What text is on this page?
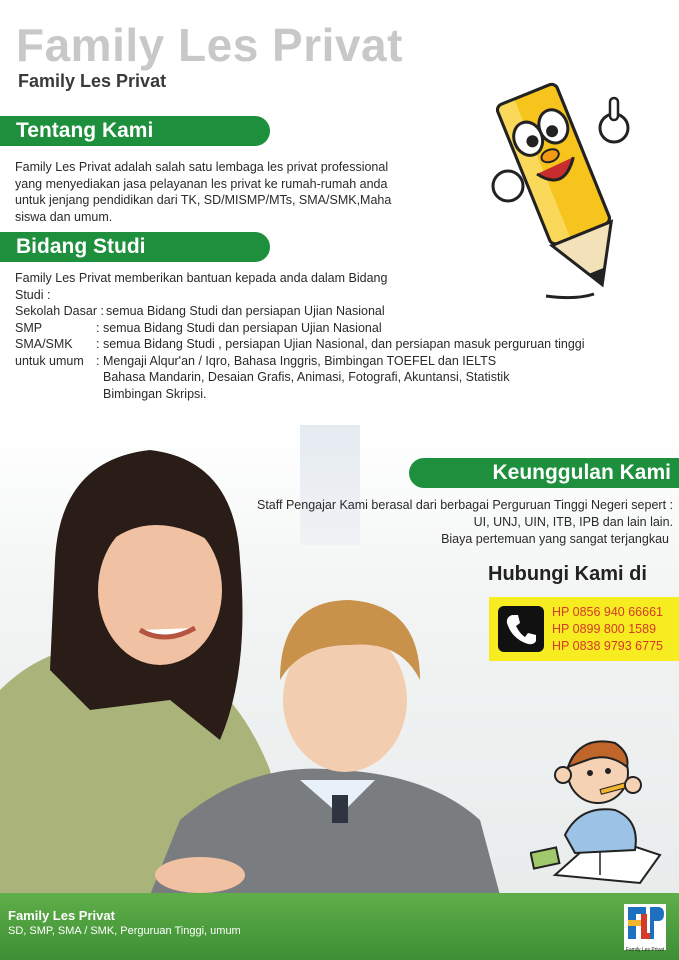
Family Les Privat
Family Les Privat
Tentang Kami
Family Les Privat adalah salah satu lembaga les privat professional
yang menyediakan jasa pelayanan les privat ke rumah-rumah anda
untuk jenjang pendidikan dari TK, SD/MISMP/MTs, SMA/SMK,Maha
siswa dan umum.
Bidang Studi
Family Les Privat memberikan bantuan kepada anda dalam Bidang
Studi :
Sekolah Dasar : semua Bidang Studi dan persiapan Ujian Nasional
SMP	: semua Bidang Studi dan persiapan Ujian Nasional
SMA/SMK	: semua Bidang Studi , persiapan Ujian Nasional, dan persiapan masuk perguruan tinggi
untuk umum : Mengaji Alqur'an / Iqro, Bahasa Inggris, Bimbingan TOEFEL dan IELTS
Bahasa Mandarin, Desaian Grafis, Animasi, Fotografi, Akuntansi, Statistik
Bimbingan Skripsi.
Keunggulan Kami
Staff Pengajar Kami berasal dari berbagai Perguruan Tinggi Negeri sepert :
UI, UNJ, UIN, ITB, IPB dan lain lain.
Biaya pertemuan yang sangat terjangkau
Hubungi Kami di
HP 0856 940 66661
HP 0899 800 1589
HP 0838 9793 6775
Family Les Privat
SD, SMP, SMA / SMK, Perguruan Tinggi, umum
Family Les Privat
